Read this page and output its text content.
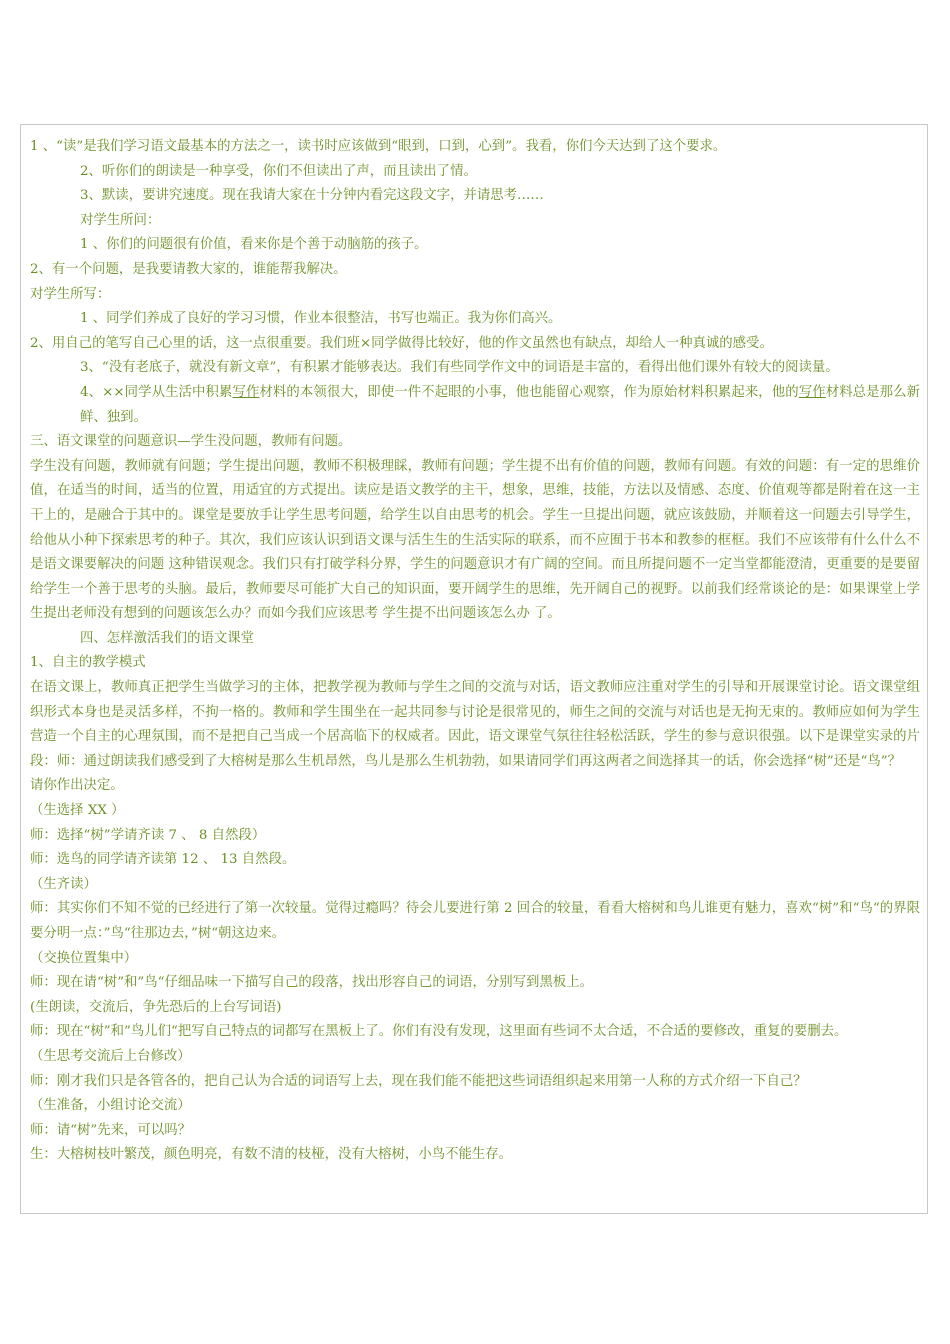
1 、“读”是我们学习语文最基本的方法之一，读书时应该做到“眼到，口到，心到”。我看，你们今天达到了这个要求。
2、听你们的朗读是一种享受，你们不但读出了声，而且读出了情。
3、默读，要讲究速度。现在我请大家在十分钟内看完这段文字，并请思考……
对学生所问：
1 、你们的问题很有价值，看来你是个善于动脑筋的孩子。
2、有一个问题，是我要请教大家的，谁能帮我解决。
对学生所写：
1 、同学们养成了良好的学习习惯，作业本很整洁，书写也端正。我为你们高兴。
2、用自己的笔写自己心里的话，这一点很重要。我们班×同学做得比较好，他的作文虽然也有缺点，却给人一种真诚的感受。
3、“没有老底子，就没有新文章”，有积累才能够表达。我们有些同学作文中的词语是丰富的，看得出他们课外有较大的阅读量。
4、××同学从生活中积累写作材料的本领很大，即使一件不起眼的小事，他也能留心观察，作为原始材料积累起来，他的写作材料总是那么新鲜、独到。
三、语文课堂的问题意识—学生没问题，教师有问题。
学生没有问题，教师就有问题；学生提出问题，教师不积极理睬，教师有问题；学生提不出有价值的问题，教师有问题。有效的问题：有一定的思维价值，在适当的时间，适当的位置，用适宜的方式提出。读应是语文教学的主干，想象，思维，技能，方法以及情感、态度、价值观等都是附着在这一主干上的，是融合于其中的。课堂是要放手让学生思考问题，给学生以自由思考的机会。学生一旦提出问题，就应该鼓励，并顺着这一问题去引导学生，给他从小种下探索思考的种子。其次，我们应该认识到语文课与活生生的生活实际的联系，而不应囿于书本和教参的框框。我们不应该带有什么什么不是语文课要解决的问题 这种错误观念。我们只有打破学科分界，学生的问题意识才有广阔的空间。而且所提问题不一定当堂都能澄清，更重要的是要留给学生一个善于思考的头脑。最后，教师要尽可能扩大自己的知识面，要开阔学生的思维，先开阔自己的视野。以前我们经常谈论的是：如果课堂上学生提出老师没有想到的问题该怎么办？而如今我们应该思考 学生提不出问题该怎么办 了。
四、怎样激活我们的语文课堂
1、自主的教学模式
在语文课上，教师真正把学生当做学习的主体，把教学视为教师与学生之间的交流与对话，语文教师应注重对学生的引导和开展课堂讨论。语文课堂组织形式本身也是灵活多样，不拘一格的。教师和学生围坐在一起共同参与讨论是很常见的，师生之间的交流与对话也是无拘无束的。教师应如何为学生营造一个自主的心理氛围，而不是把自己当成一个居高临下的权威者。因此，语文课堂气氛往往轻松活跃，学生的参与意识很强。以下是课堂实录的片段：师：通过朗读我们感受到了大榕树是那么生机昂然，鸟儿是那么生机勃勃，如果请同学们再这两者之间选择其一的话，你会选择“树”还是“鸟”？
请你作出决定。
（生选择 XX ）
师：选择“树”学请齐读 7 、 8 自然段）
师：选鸟的同学请齐读第 12 、 13 自然段。
（生齐读）
师：其实你们不知不觉的已经进行了第一次较量。觉得过瘾吗？待会儿要进行第 2 回合的较量，看看大榕树和鸟儿谁更有魅力，喜欢“树”和“鸟“的界限要分明一点：”鸟“往那边去，”树“朝这边来。
（交换位置集中）
师：现在请“树”和”鸟“仔细品味一下描写自己的段落，找出形容自己的词语，分别写到黑板上。
(生朗读，交流后，争先恐后的上台写词语)
师：现在“树”和”鸟儿们“把写自己特点的词都写在黑板上了。你们有没有发现，这里面有些词不太合适，不合适的要修改，重复的要删去。
（生思考交流后上台修改）
师：刚才我们只是各管各的，把自己认为合适的词语写上去，现在我们能不能把这些词语组织起来用第一人称的方式介绍一下自己？
（生准备，小组讨论交流）
师：请“树”先来，可以吗？
生：大榕树枝叶繁茂，颜色明亮，有数不清的枝桠，没有大榕树，小鸟不能生存。
